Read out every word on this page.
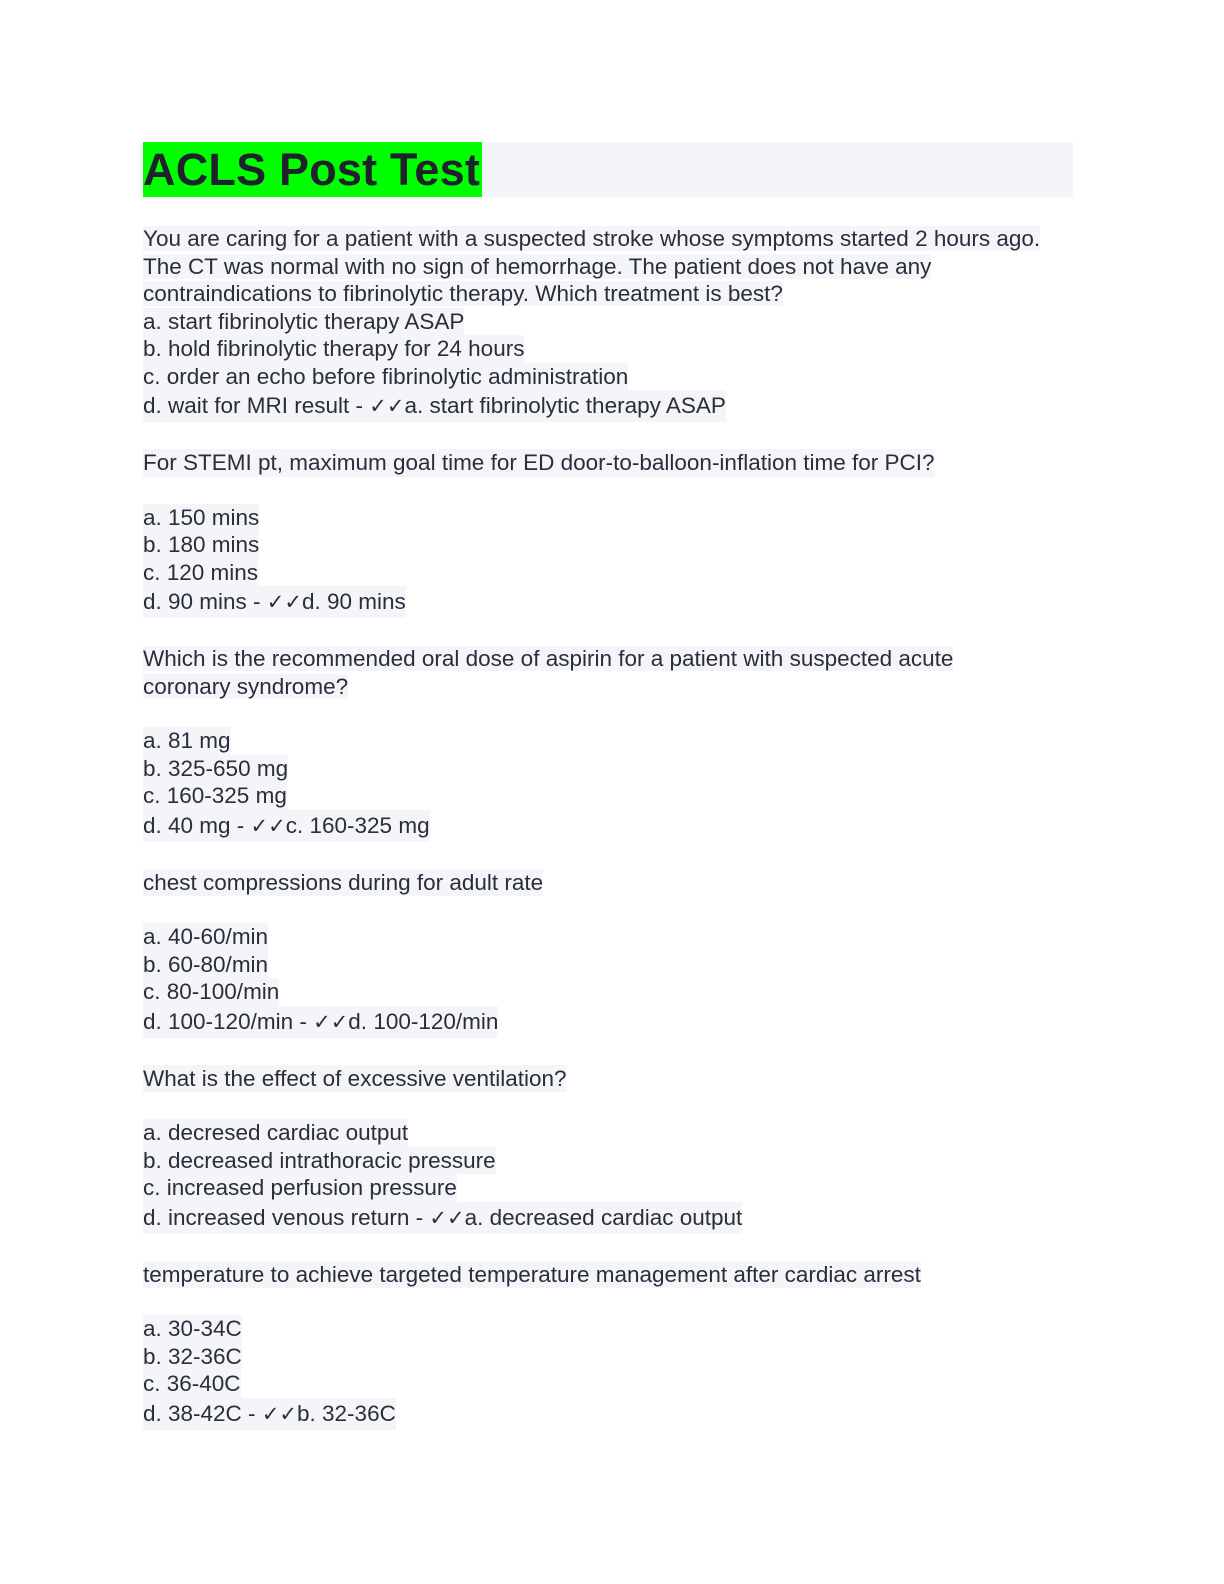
ACLS Post Test
You are caring for a patient with a suspected stroke whose symptoms started 2 hours ago. The CT was normal with no sign of hemorrhage. The patient does not have any contraindications to fibrinolytic therapy. Which treatment is best?
a. start fibrinolytic therapy ASAP
b. hold fibrinolytic therapy for 24 hours
c. order an echo before fibrinolytic administration
d. wait for MRI result - ✓✓a. start fibrinolytic therapy ASAP
For STEMI pt, maximum goal time for ED door-to-balloon-inflation time for PCI?
a. 150 mins
b. 180 mins
c. 120 mins
d. 90 mins - ✓✓d. 90 mins
Which is the recommended oral dose of aspirin for a patient with suspected acute coronary syndrome?
a. 81 mg
b. 325-650 mg
c. 160-325 mg
d. 40 mg - ✓✓c. 160-325 mg
chest compressions during for adult rate
a. 40-60/min
b. 60-80/min
c. 80-100/min
d. 100-120/min - ✓✓d. 100-120/min
What is the effect of excessive ventilation?
a. decresed cardiac output
b. decreased intrathoracic pressure
c. increased perfusion pressure
d. increased venous return - ✓✓a. decreased cardiac output
temperature to achieve targeted temperature management after cardiac arrest
a. 30-34C
b. 32-36C
c. 36-40C
d. 38-42C - ✓✓b. 32-36C
